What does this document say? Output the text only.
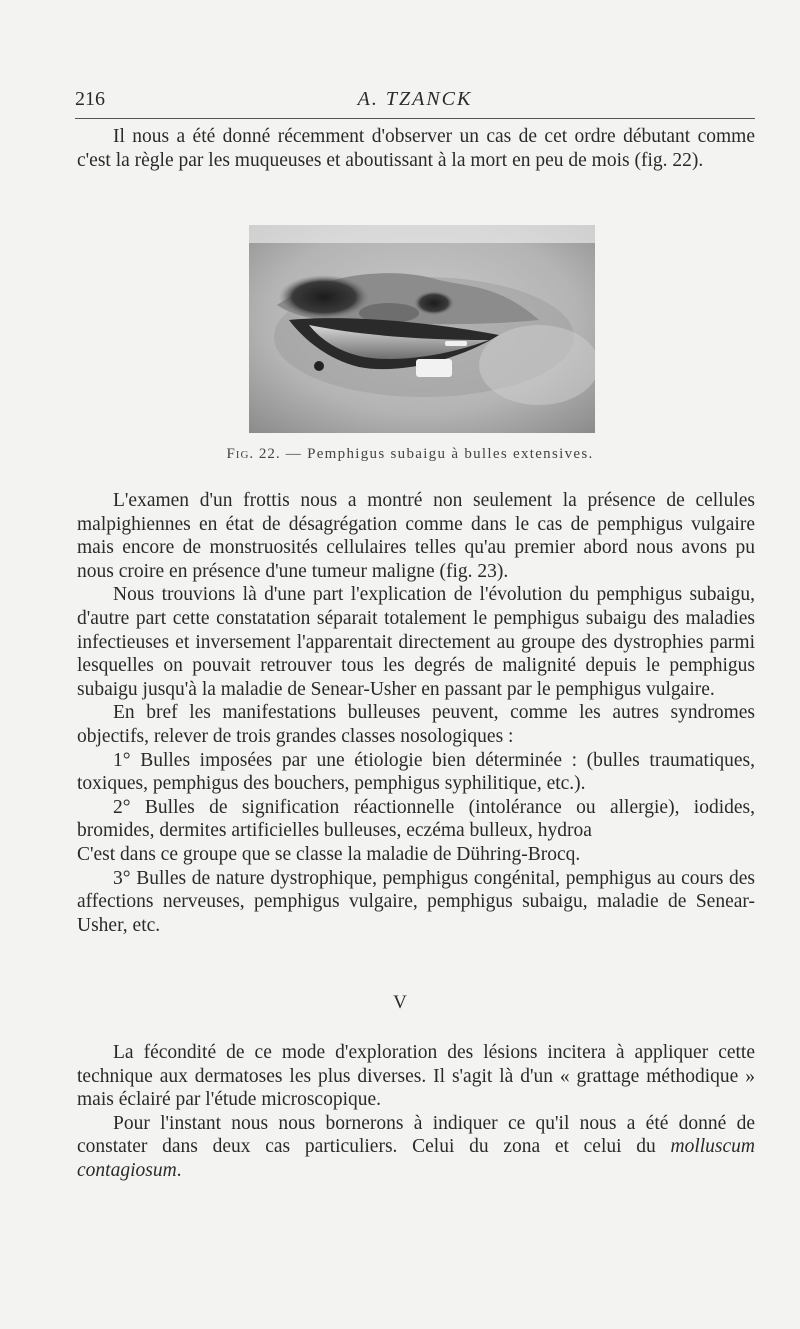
216	A. TZANCK

Il nous a été donné récemment d'observer un cas de cet ordre débutant comme c'est la règle par les muqueuses et aboutissant à la mort en peu de mois (fig. 22).

Fig. 22. — Pemphigus subaigu à bulles extensives.

L'examen d'un frottis nous a montré non seulement la présence de cellules malpighiennes en état de désagrégation comme dans le cas de pemphigus vulgaire mais encore de monstruosités cellulaires telles qu'au premier abord nous avons pu nous croire en présence d'une tumeur maligne (fig. 23).

Nous trouvions là d'une part l'explication de l'évolution du pemphigus subaigu, d'autre part cette constatation séparait totalement le pemphigus subaigu des maladies infectieuses et inversement l'apparentait directement au groupe des dystrophies parmi lesquelles on pouvait retrouver tous les degrés de malignité depuis le pemphigus subaigu jusqu'à la maladie de Senear-Usher en passant par le pemphigus vulgaire.

En bref les manifestations bulleuses peuvent, comme les autres syndromes objectifs, relever de trois grandes classes nosologiques :

1° Bulles imposées par une étiologie bien déterminée : (bulles traumatiques, toxiques, pemphigus des bouchers, pemphigus syphilitique, etc.).

2° Bulles de signification réactionnelle (intolérance ou allergie), iodides, bromides, dermites artificielles bulleuses, eczéma bulleux, hydroa

C'est dans ce groupe que se classe la maladie de Dühring-Brocq.

3° Bulles de nature dystrophique, pemphigus congénital, pemphigus au cours des affections nerveuses, pemphigus vulgaire, pemphigus subaigu, maladie de Senear-Usher, etc.

V

La fécondité de ce mode d'exploration des lésions incitera à appliquer cette technique aux dermatoses les plus diverses. Il s'agit là d'un « grattage méthodique » mais éclairé par l'étude microscopique.

Pour l'instant nous nous bornerons à indiquer ce qu'il nous a été donné de constater dans deux cas particuliers. Celui du zona et celui du molluscum contagiosum.
